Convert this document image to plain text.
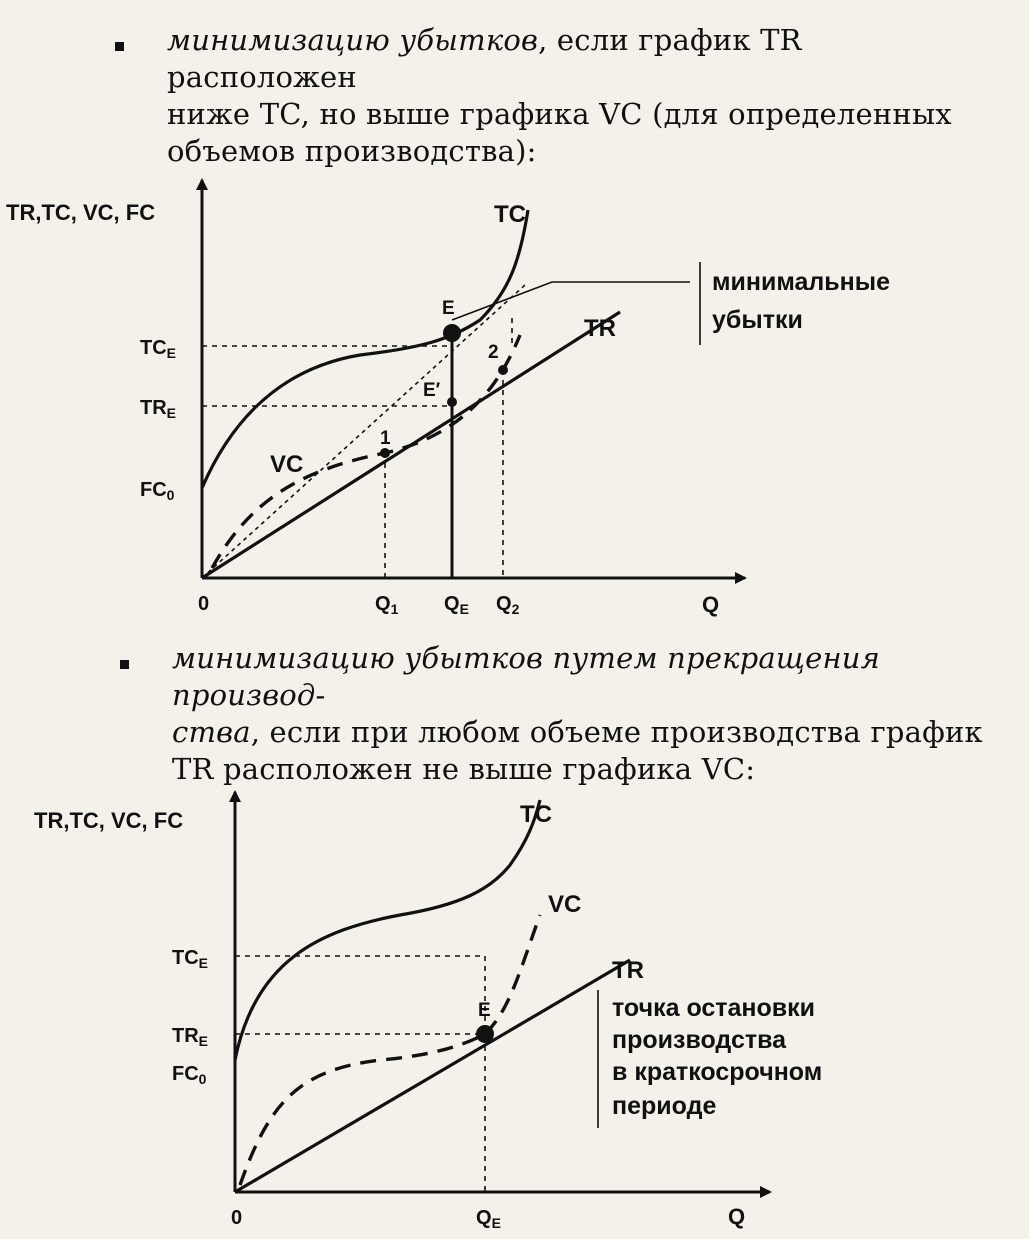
минимизацию убытков, если график TR расположен
ниже TC, но выше графика VC (для определенных
объемов производства):
TR,TC, VC, FC
Q
0
$TC_E$
$TR_E$
$FC_0$
$Q_1$ $Q_E$ $Q_2$
TC
TR
VC
E
E′
1
2
минимальные
убытки
минимизацию убытков путем прекращения производ-
ства, если при любом объеме производства график
TR расположен не выше графика VC:
TR,TC, VC, FC
Q
0
$TC_E$
$TR_E$
$FC_0$
$Q_E$
TC
VC
TR
E	точка остановки
производства
в краткосрочном
периоде
